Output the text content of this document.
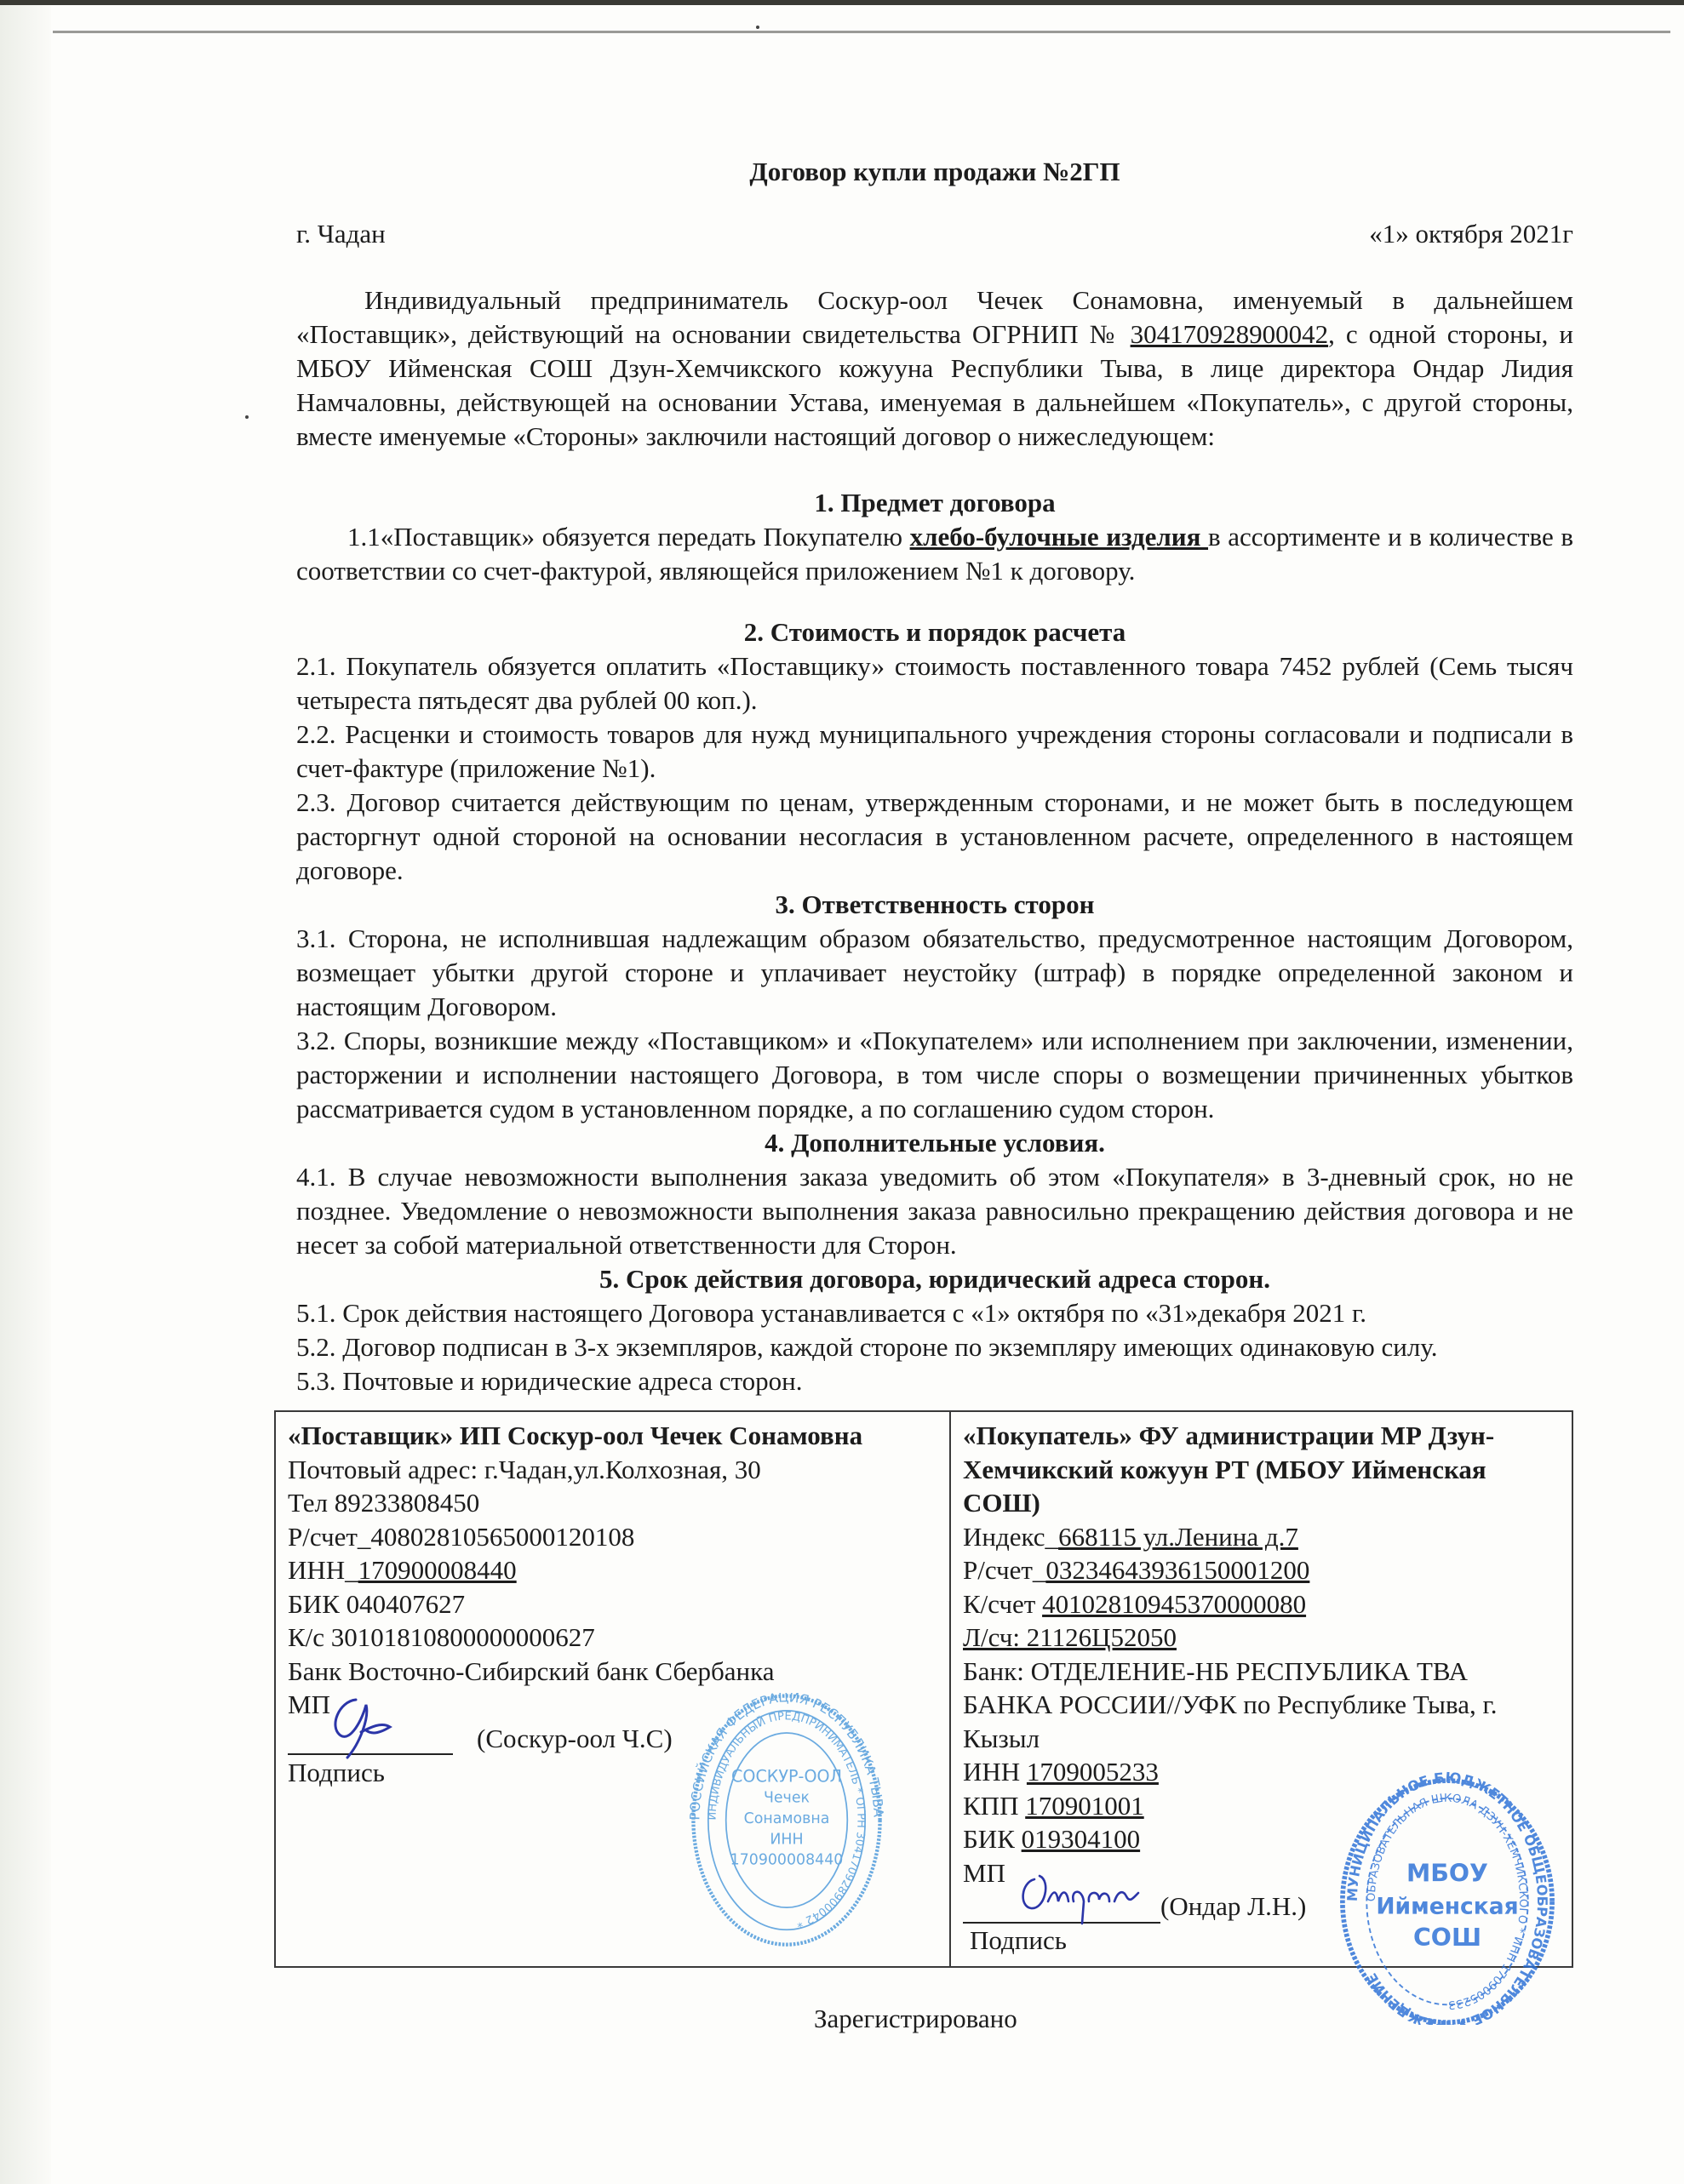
Договор купли продажи №2ГП
г. Чадан	«1» октября 2021г

Индивидуальный предприниматель Соскур-оол Чечек Сонамовна, именуемый в дальнейшем «Поставщик», действующий на основании свидетельства ОГРНИП № 304170928900042, с одной стороны, и МБОУ Ийменская СОШ Дзун-Хемчикского кожууна Республики Тыва, в лице директора Ондар Лидия Намчаловны, действующей на основании Устава, именуемая в дальнейшем «Покупатель», с другой стороны, вместе именуемые «Стороны» заключили настоящий договор о нижеследующем:

1. Предмет договора

1.1«Поставщик» обязуется передать Покупателю хлебо-булочные изделия в ассортименте и в количестве в соответствии со счет-фактурой, являющейся приложением №1 к договору.

2. Стоимость и порядок расчета

2.1. Покупатель обязуется оплатить «Поставщику» стоимость поставленного товара 7452 рублей (Семь тысяч четыреста пятьдесят два рублей 00 коп.).

2.2. Расценки и стоимость товаров для нужд муниципального учреждения стороны согласовали и подписали в счет-фактуре (приложение №1).

2.3. Договор считается действующим по ценам, утвержденным сторонами, и не может быть в последующем расторгнут одной стороной на основании несогласия в установленном расчете, определенного в настоящем договоре.

3. Ответственность сторон

3.1. Сторона, не исполнившая надлежащим образом обязательство, предусмотренное настоящим Договором, возмещает убытки другой стороне и уплачивает неустойку (штраф) в порядке определенной законом и настоящим Договором.

3.2. Споры, возникшие между «Поставщиком» и «Покупателем» или исполнением при заключении, изменении, расторжении и исполнении настоящего Договора, в том числе споры о возмещении причиненных убытков рассматривается судом в установленном порядке, а по соглашению судом сторон.

4. Дополнительные условия.

4.1. В случае невозможности выполнения заказа уведомить об этом «Покупателя» в 3-дневный срок, но не позднее. Уведомление о невозможности выполнения заказа равносильно прекращению действия договора и не несет за собой материальной ответственности для Сторон.

5. Срок действия договора, юридический адреса сторон.

5.1. Срок действия настоящего Договора устанавливается с «1» октября по «31»декабря 2021 г.

5.2. Договор подписан в 3-х экземпляров, каждой стороне по экземпляру имеющих одинаковую силу.

5.3. Почтовые и юридические адреса сторон.

«Поставщик» ИП Соскур-оол Чечек Сонамовна
Почтовый адрес: г.Чадан,ул.Колхозная, 30
Тел 89233808450
Р/счет_40802810565000120108
ИНН_170900008440
БИК 040407627
К/с 30101810800000000627
Банк Восточно-Сибирский банк Сбербанка
МП
(Соскур-оол Ч.С)
Подпись
РОССИЙСКАЯ ФЕДЕРАЦИЯ РЕСПУБЛИКА ТЫВА
ИНДИВИДУАЛЬНЫЙ ПРЕДПРИНИМАТЕЛЬ * ОГРН 304170928900042 *
СОСКУР-ООЛ
Чечек
Сонамовна
ИНН
170900008440
«Покупатель» ФУ администрации МР Дзун-Хемчикский кожуун РТ (МБОУ Ийменская СОШ)
Индекс_668115 ул.Ленина д.7
Р/счет_03234643936150001200
К/счет 40102810945370000080
Л/сч: 21126Ц52050
Банк: ОТДЕЛЕНИЕ-НБ РЕСПУБЛИКА ТВА БАНКА РОССИИ//УФК по Республике Тыва, г. Кызыл
ИНН 1709005233
КПП 170901001
БИК 019304100
МП
(Ондар Л.Н.)
Подпись
МУНИЦИПАЛЬНОЕ БЮДЖЕТНОЕ ОБЩЕОБРАЗОВАТЕЛЬНОЕ У ЕЖДЕНИЕ
ОБРАЗОВАТЕЛЬНАЯ ШКОЛА ДЗУН-ХЕМЧИКСКОГО * ИНН 1709005233
МБОУ
Ийменская
СОШ
Зарегистрировано
